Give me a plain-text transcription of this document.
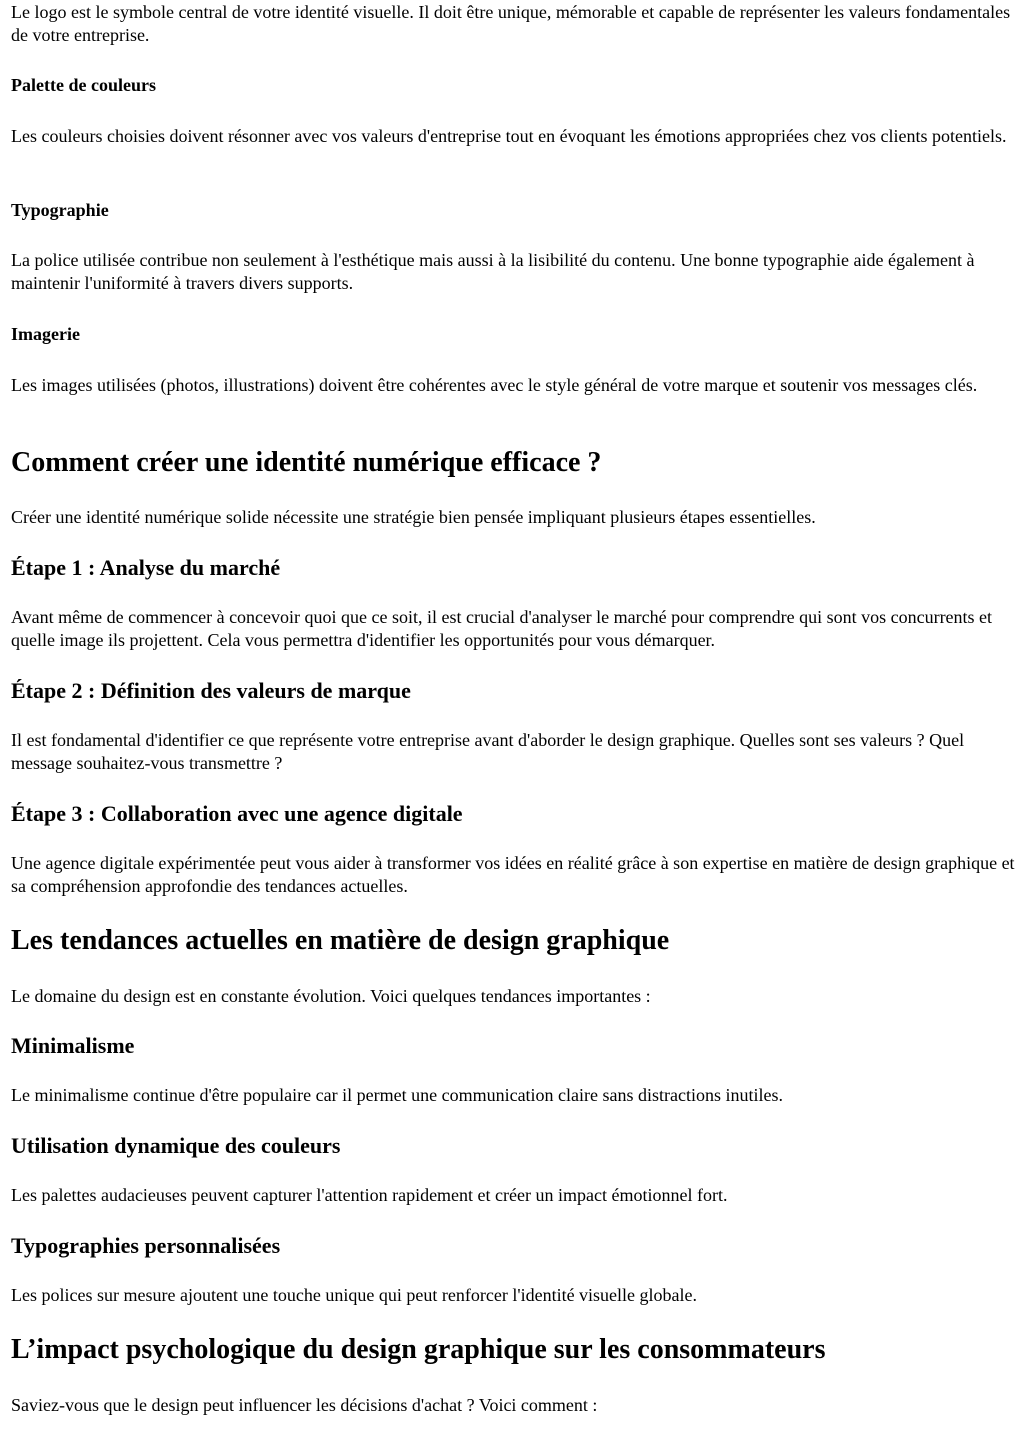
Le logo est le symbole central de votre identité visuelle. Il doit être unique, mémorable et capable de représenter les valeurs fondamentales de votre entreprise.

Palette de couleurs

Les couleurs choisies doivent résonner avec vos valeurs d'entreprise tout en évoquant les émotions appropriées chez vos clients potentiels.

Typographie

La police utilisée contribue non seulement à l'esthétique mais aussi à la lisibilité du contenu. Une bonne typographie aide également à maintenir l'uniformité à travers divers supports.

Imagerie

Les images utilisées (photos, illustrations) doivent être cohérentes avec le style général de votre marque et soutenir vos messages clés.

Comment créer une identité numérique efficace ?

Créer une identité numérique solide nécessite une stratégie bien pensée impliquant plusieurs étapes essentielles.

Étape 1 : Analyse du marché

Avant même de commencer à concevoir quoi que ce soit, il est crucial d'analyser le marché pour comprendre qui sont vos concurrents et quelle image ils projettent. Cela vous permettra d'identifier les opportunités pour vous démarquer.

Étape 2 : Définition des valeurs de marque

Il est fondamental d'identifier ce que représente votre entreprise avant d'aborder le design graphique. Quelles sont ses valeurs ? Quel message souhaitez-vous transmettre ?

Étape 3 : Collaboration avec une agence digitale

Une agence digitale expérimentée peut vous aider à transformer vos idées en réalité grâce à son expertise en matière de design graphique et sa compréhension approfondie des tendances actuelles.

Les tendances actuelles en matière de design graphique

Le domaine du design est en constante évolution. Voici quelques tendances importantes :

Minimalisme

Le minimalisme continue d'être populaire car il permet une communication claire sans distractions inutiles.

Utilisation dynamique des couleurs

Les palettes audacieuses peuvent capturer l'attention rapidement et créer un impact émotionnel fort.

Typographies personnalisées

Les polices sur mesure ajoutent une touche unique qui peut renforcer l'identité visuelle globale.

L’impact psychologique du design graphique sur les consommateurs

Saviez-vous que le design peut influencer les décisions d'achat ? Voici comment :
